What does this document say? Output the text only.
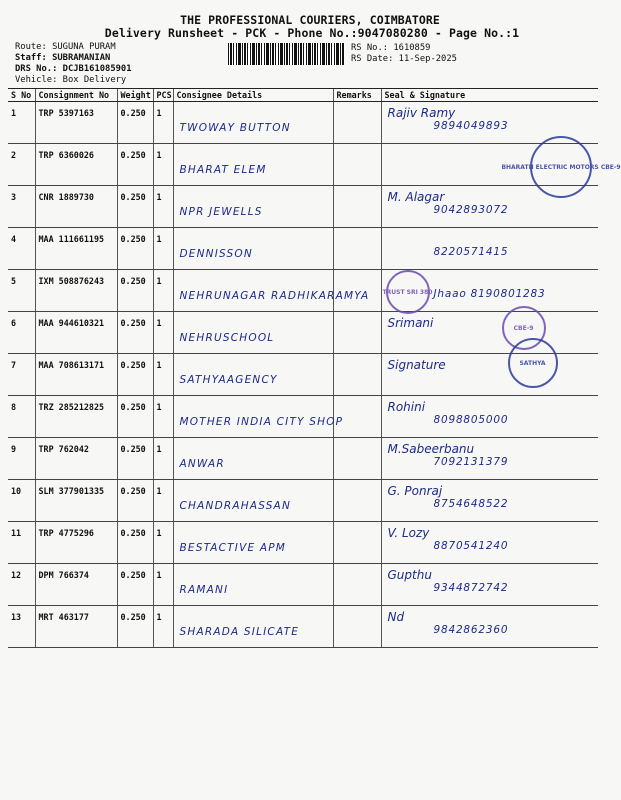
THE PROFESSIONAL COURIERS, COIMBATORE
Delivery Runsheet - PCK - Phone No.:9047080280 - Page No.:1
Route: SUGUNA PURAM
Staff: SUBRAMANIAN
DRS No.: DCJB161085901
Vehicle: Box Delivery
RS No.: 1610859
RS Date: 11-Sep-2025
S No	Consignment No	Weight	PCS	Consignee Details	Remarks	Seal & Signature
1	TRP 5397163	0.250	1	TWOWAY BUTTON		Rajiv Ramy
9894049893

2	TRP 6360026	0.250	1	BHARAT ELEM		BHARATH ELECTRIC MOTORS CBE-9

3	CNR 1889730	0.250	1	NPR JEWELLS		M. Alagar
9042893072

4	MAA 111661195	0.250	1	DENNISSON		8220571415

5	IXM 508876243	0.250	1	NEHRUNAGAR RADHIKARAMYA		Jhaao 8190801283
TRUST SRI 380

6	MAA 944610321	0.250	1	NEHRUSCHOOL		Srimani CBE-9

7	MAA 708613171	0.250	1	SATHYAAGENCY		Signature SATHYA

8	TRZ 285212825	0.250	1	MOTHER INDIA CITY SHOP		Rohini
8098805000

9	TRP 762042	0.250	1	ANWAR		M.Sabeerbanu
7092131379

10	SLM 377901335	0.250	1	CHANDRAHASSAN		G. Ponraj
8754648522

11	TRP 4775296	0.250	1	BESTACTIVE APM		V. Lozy
8870541240

12	DPM 766374	0.250	1	RAMANI		Gupthu
9344872742

13	MRT 463177	0.250	1	SHARADA SILICATE		Nd
9842862360
